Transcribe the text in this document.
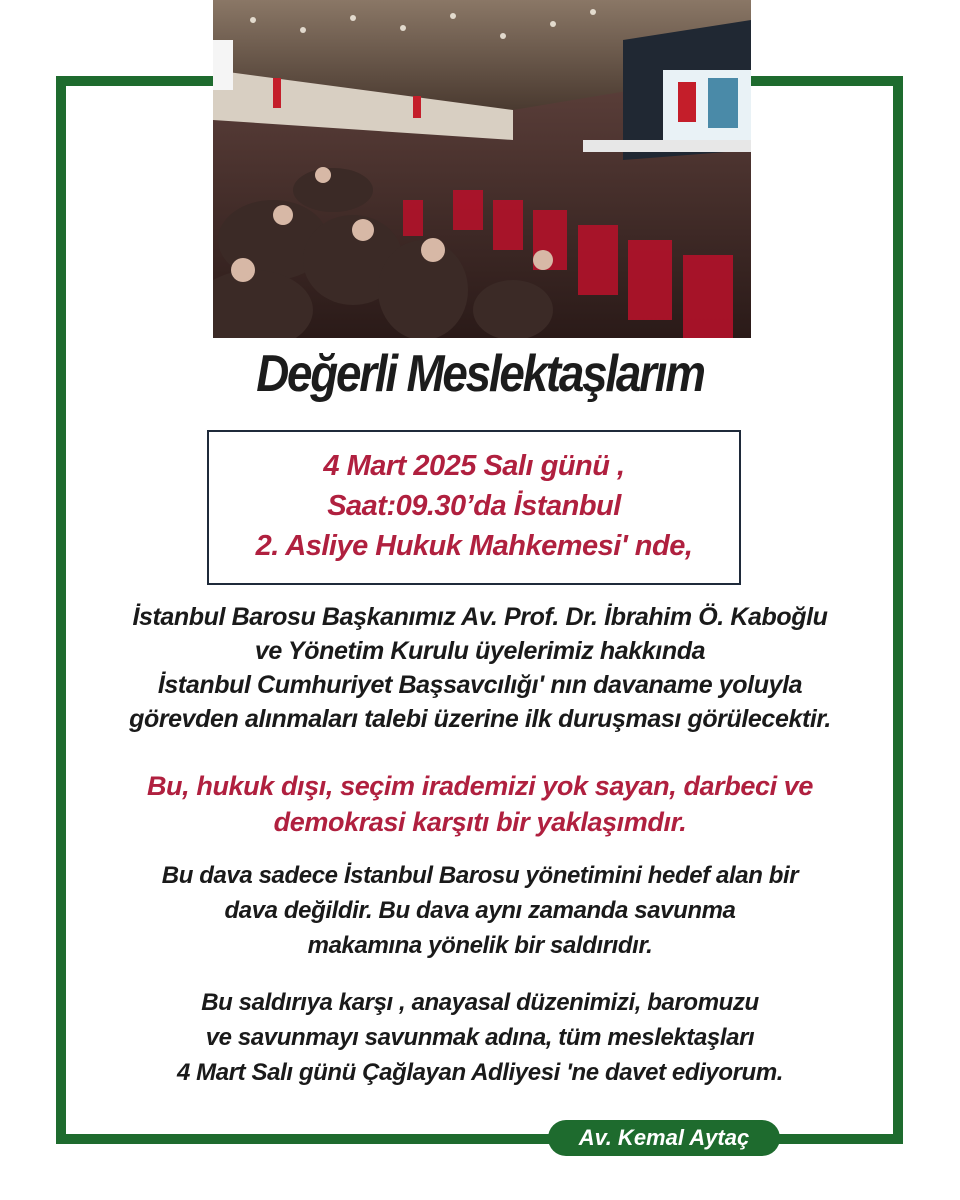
Değerli Meslektaşlarım
4 Mart 2025 Salı günü ,
Saat:09.30’da İstanbul
2. Asliye Hukuk Mahkemesi' nde,
İstanbul Barosu Başkanımız Av. Prof. Dr. İbrahim Ö. Kaboğlu
ve Yönetim Kurulu üyelerimiz hakkında
İstanbul Cumhuriyet Başsavcılığı' nın davaname yoluyla
görevden alınmaları talebi üzerine ilk duruşması görülecektir.
Bu, hukuk dışı, seçim irademizi yok sayan, darbeci ve
demokrasi karşıtı bir yaklaşımdır.
Bu dava sadece İstanbul Barosu yönetimini hedef alan bir
dava değildir. Bu dava aynı zamanda savunma
makamına yönelik bir saldırıdır.
Bu saldırıya karşı , anayasal düzenimizi, baromuzu
ve savunmayı savunmak adına, tüm meslektaşları
4 Mart Salı günü Çağlayan Adliyesi 'ne davet ediyorum.
Av. Kemal Aytaç
